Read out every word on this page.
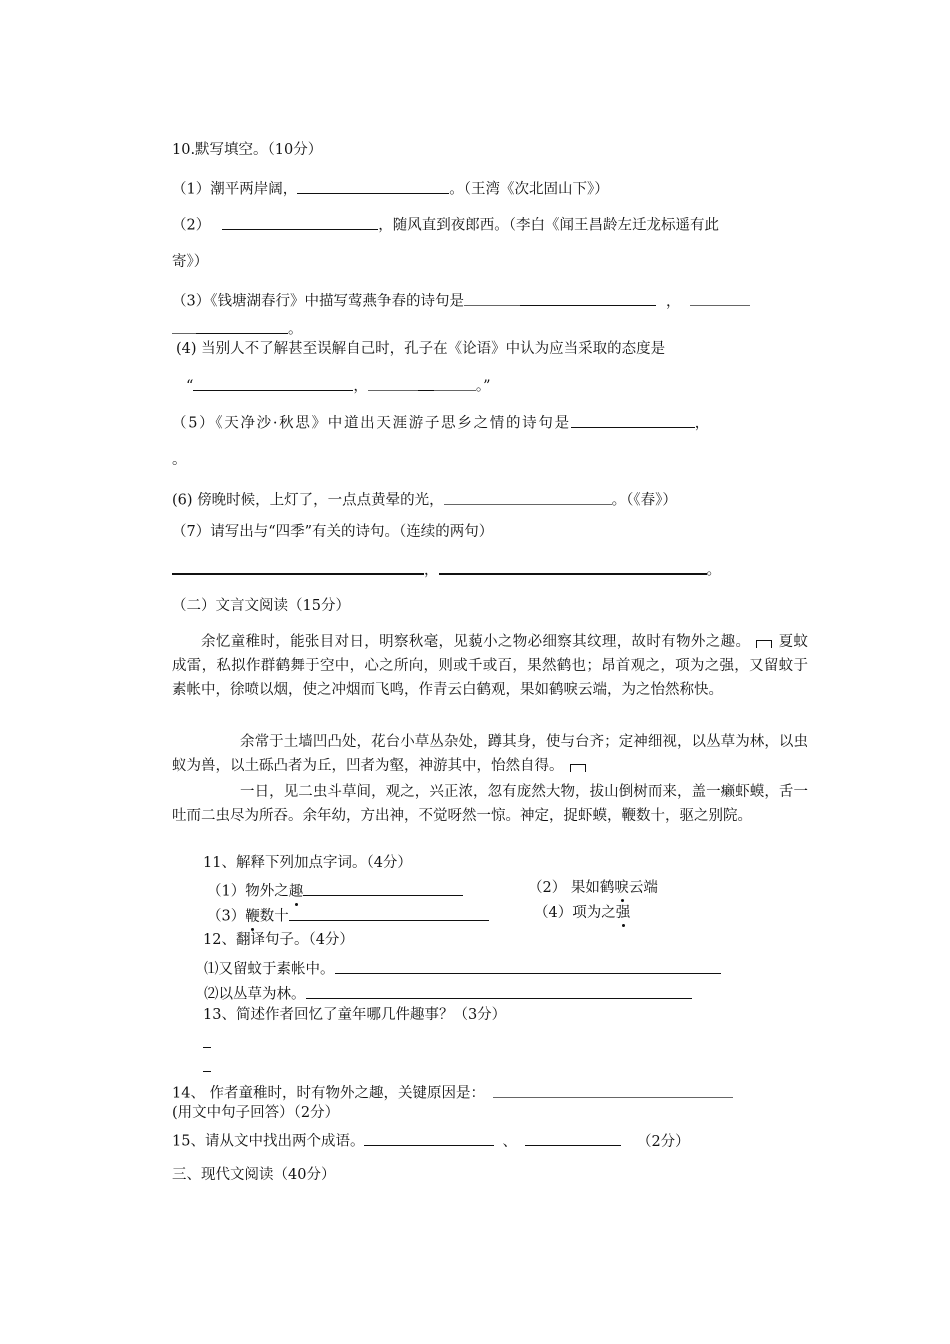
10.默写填空。（10分）
（1）潮平两岸阔，	。（王湾《次北固山下》）
（2）	，随风直到夜郎西。（李白《闻王昌龄左迁龙标遥有此
寄》）
（3）《钱塘湖春行》中描写莺燕争春的诗句是	，
。
(4) 当别人不了解甚至误解自己时，孔子在《论语》中认为应当采取的态度是
“	，	。”
（5）《天净沙·秋思》中道出天涯游子思乡之情的诗句是	，
。
(6) 傍晚时候，上灯了，一点点黄晕的光，	。（《春》）
（7）请写出与“四季”有关的诗句。（连续的两句）
，	。
（二）文言文阅读（15分）
余忆童稚时，能张目对日，明察秋毫，见藐小之物必细察其纹理，故时有物外之趣。 夏蚊成雷，私拟作群鹤舞于空中，心之所向，则或千或百，果然鹤也；昂首观之，项为之强，又留蚊于素帐中，徐喷以烟，使之冲烟而飞鸣，作青云白鹤观，果如鹤唳云端，为之怡然称快。
余常于土墙凹凸处，花台小草丛杂处，蹲其身，使与台齐；定神细视，以丛草为林，以虫蚁为兽，以土砾凸者为丘，凹者为壑，神游其中，怡然自得。
一日，见二虫斗草间，观之，兴正浓，忽有庞然大物，拔山倒树而来，盖一癞虾蟆，舌一吐而二虫尽为所吞。余年幼，方出神，不觉呀然一惊。神定，捉虾蟆，鞭数十，驱之别院。
11、解释下列加点字词。（4分）
（1）物外之趣	（2） 果如鹤唳云端
（3）鞭数十	（4）项为之强
12、翻译句子。（4分）
⑴又留蚊于素帐中。
⑵以丛草为林。
13、简述作者回忆了童年哪几件趣事？（3分）
14、 作者童稚时，时有物外之趣，关键原因是：
(用文中句子回答）（2分）
15、请从文中找出两个成语。	、	（2分）
三、现代文阅读（40分）
